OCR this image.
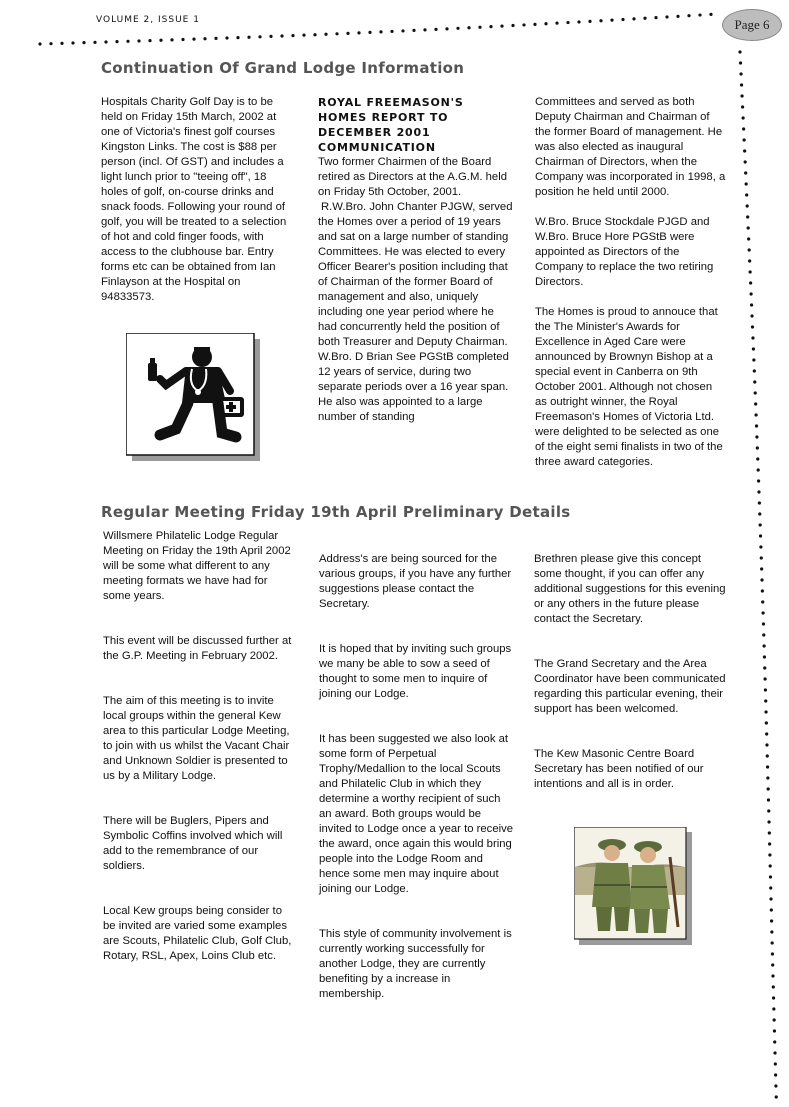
VOLUME 2, ISSUE 1	Page 6
Continuation Of Grand Lodge Information

Hospitals Charity Golf Day is to be held on Friday 15th March, 2002 at one of Victoria's finest golf courses Kingston Links. The cost is $88 per person (incl. Of GST) and includes a light lunch prior to "teeing off", 18 holes of golf, on-course drinks and snack foods. Following your round of golf, you will be treated to a selection of hot and cold finger foods, with access to the clubhouse bar. Entry forms etc can be obtained from Ian Finlayson at the Hospital on 94833573.

ROYAL FREEMASON'S HOMES REPORT TO DECEMBER 2001 COMMUNICATION

Two former Chairmen of the Board retired as Directors at the A.G.M. held on Friday 5th October, 2001.

R.W.Bro. John Chanter PJGW, served the Homes over a period of 19 years and sat on a large number of standing Committees. He was elected to every Officer Bearer's position including that of Chairman of the former Board of management and also, uniquely including one year period where he had concurrently held the position of both Treasurer and Deputy Chairman. W.Bro. D Brian See PGStB completed 12 years of service, during two separate periods over a 16 year span. He also was appointed to a large number of standing

Committees and served as both Deputy Chairman and Chairman of the former Board of management. He was also elected as inaugural Chairman of Directors, when the Company was incorporated in 1998, a position he held until 2000.

W.Bro. Bruce Stockdale PJGD and W.Bro. Bruce Hore PGStB were appointed as Directors of the Company to replace the two retiring Directors.

The Homes is proud to annouce that the The Minister's Awards for Excellence in Aged Care were announced by Brownyn Bishop at a special event in Canberra on 9th October 2001. Although not chosen as outright winner, the Royal Freemason's Homes of Victoria Ltd. were delighted to be selected as one of the eight semi finalists in two of the three award categories.

Regular Meeting Friday 19th April Preliminary Details

Willsmere Philatelic Lodge Regular Meeting on Friday the 19th April 2002 will be some what different to any meeting formats we have had for some years.

This event will be discussed further at the G.P. Meeting in February 2002.

The aim of this meeting is to invite local groups within the general Kew area to this particular Lodge Meeting, to join with us whilst the Vacant Chair and Unknown Soldier is presented to us by a Military Lodge.

There will be Buglers, Pipers and Symbolic Coffins involved which will add to the remembrance of our soldiers.

Local Kew groups being consider to be invited are varied some examples are Scouts, Philatelic Club, Golf Club, Rotary, RSL, Apex, Loins Club etc.

Address's are being sourced for the various groups, if you have any further suggestions please contact the Secretary.

It is hoped that by inviting such groups we many be able to sow a seed of thought to some men to inquire of joining our Lodge.

It has been suggested we also look at some form of Perpetual Trophy/Medallion to the local Scouts and Philatelic Club in which they determine a worthy recipient of such an award. Both groups would be invited to Lodge once a year to receive the award, once again this would bring people into the Lodge Room and hence some men may inquire about joining our Lodge.

This style of community involvement is currently working successfully for another Lodge, they are currently benefiting by a increase in membership.

Brethren please give this concept some thought, if you can offer any additional suggestions for this evening or any others in the future please contact the Secretary.

The Grand Secretary and the Area Coordinator have been communicated regarding this particular evening, their support has been welcomed.

The Kew Masonic Centre Board Secretary has been notified of our intentions and all is in order.
